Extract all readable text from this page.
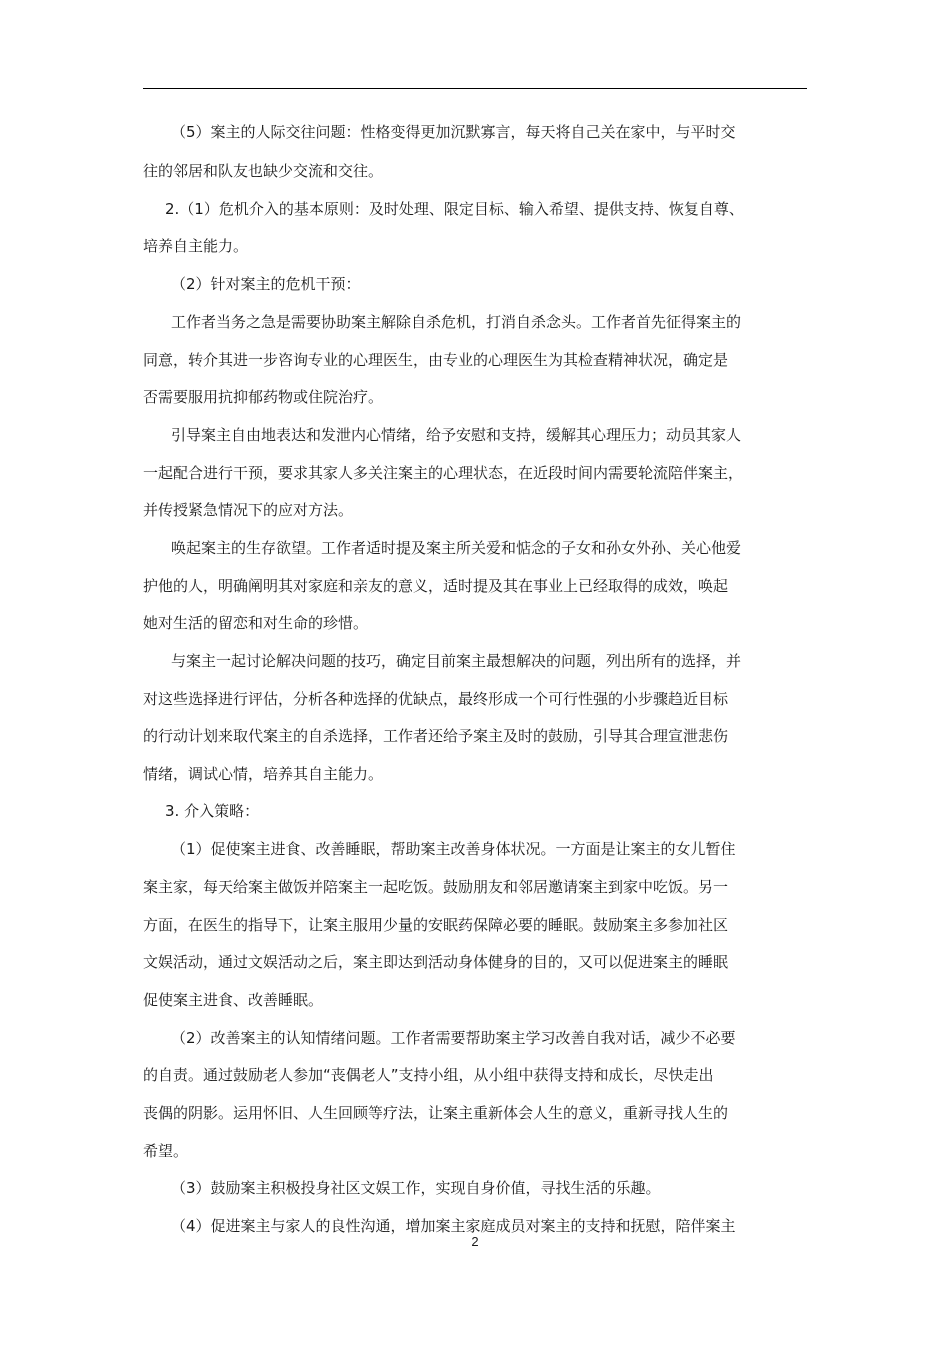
（5）案主的人际交往问题：性格变得更加沉默寡言，每天将自己关在家中，与平时交
往的邻居和队友也缺少交流和交往。
2.（1）危机介入的基本原则：及时处理、限定目标、输入希望、提供支持、恢复自尊、
培养自主能力。
（2）针对案主的危机干预：
工作者当务之急是需要协助案主解除自杀危机，打消自杀念头。工作者首先征得案主的
同意，转介其进一步咨询专业的心理医生，由专业的心理医生为其检查精神状况，确定是
否需要服用抗抑郁药物或住院治疗。
引导案主自由地表达和发泄内心情绪，给予安慰和支持，缓解其心理压力；动员其家人
一起配合进行干预，要求其家人多关注案主的心理状态，在近段时间内需要轮流陪伴案主，
并传授紧急情况下的应对方法。
唤起案主的生存欲望。工作者适时提及案主所关爱和惦念的子女和孙女外孙、关心他爱
护他的人，明确阐明其对家庭和亲友的意义，适时提及其在事业上已经取得的成效，唤起
她对生活的留恋和对生命的珍惜。
与案主一起讨论解决问题的技巧，确定目前案主最想解决的问题，列出所有的选择，并
对这些选择进行评估，分析各种选择的优缺点，最终形成一个可行性强的小步骤趋近目标
的行动计划来取代案主的自杀选择，工作者还给予案主及时的鼓励，引导其合理宣泄悲伤
情绪，调试心情，培养其自主能力。
3. 介入策略：
（1）促使案主进食、改善睡眠，帮助案主改善身体状况。一方面是让案主的女儿暂住
案主家，每天给案主做饭并陪案主一起吃饭。鼓励朋友和邻居邀请案主到家中吃饭。另一
方面，在医生的指导下，让案主服用少量的安眠药保障必要的睡眠。鼓励案主多参加社区
文娱活动，通过文娱活动之后，案主即达到活动身体健身的目的，又可以促进案主的睡眠
促使案主进食、改善睡眠。
（2）改善案主的认知情绪问题。工作者需要帮助案主学习改善自我对话，减少不必要
的自责。通过鼓励老人参加“丧偶老人”支持小组，从小组中获得支持和成长，尽快走出
丧偶的阴影。运用怀旧、人生回顾等疗法，让案主重新体会人生的意义，重新寻找人生的
希望。
（3）鼓励案主积极投身社区文娱工作，实现自身价值，寻找生活的乐趣。
（4）促进案主与家人的良性沟通，增加案主家庭成员对案主的支持和抚慰，陪伴案主
2
